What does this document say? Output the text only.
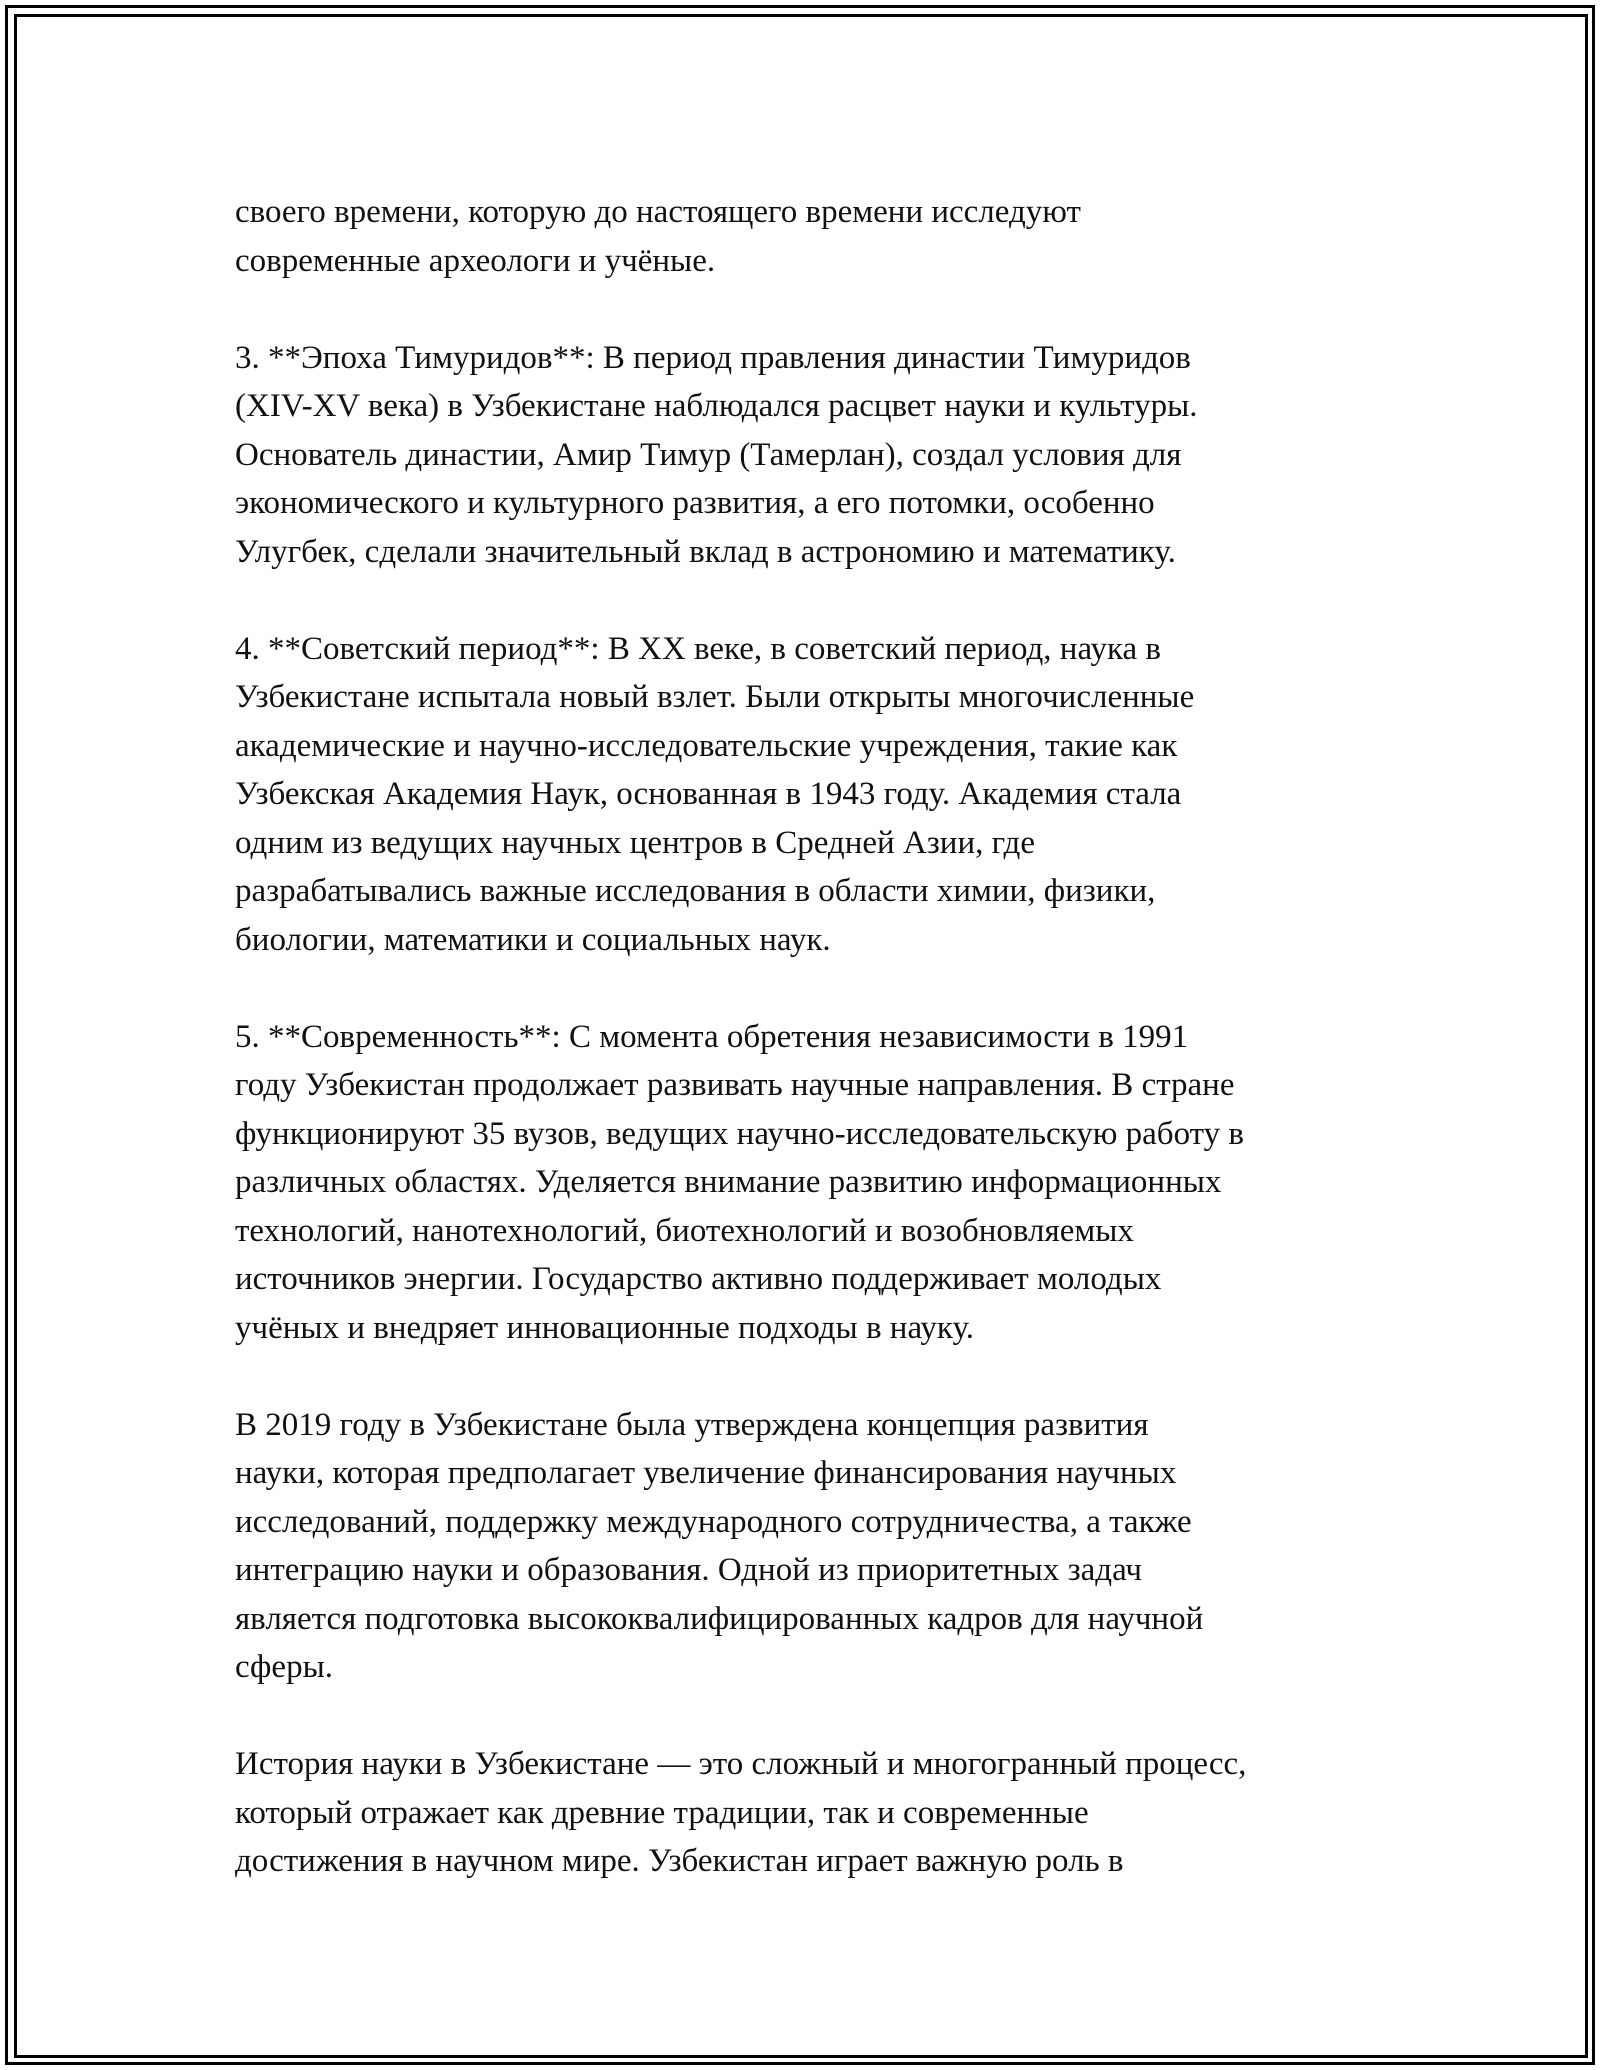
своего времени, которую до настоящего времени исследуют
современные археологи и учёные.
3. **Эпоха Тимуридов**: В период правления династии Тимуридов
(XIV-XV века) в Узбекистане наблюдался расцвет науки и культуры.
Основатель династии, Амир Тимур (Тамерлан), создал условия для
экономического и культурного развития, а его потомки, особенно
Улугбек, сделали значительный вклад в астрономию и математику.
4. **Советский период**: В XX веке, в советский период, наука в
Узбекистане испытала новый взлет. Были открыты многочисленные
академические и научно-исследовательские учреждения, такие как
Узбекская Академия Наук, основанная в 1943 году. Академия стала
одним из ведущих научных центров в Средней Азии, где
разрабатывались важные исследования в области химии, физики,
биологии, математики и социальных наук.
5. **Современность**: С момента обретения независимости в 1991
году Узбекистан продолжает развивать научные направления. В стране
функционируют 35 вузов, ведущих научно-исследовательскую работу в
различных областях. Уделяется внимание развитию информационных
технологий, нанотехнологий, биотехнологий и возобновляемых
источников энергии. Государство активно поддерживает молодых
учёных и внедряет инновационные подходы в науку.
В 2019 году в Узбекистане была утверждена концепция развития
науки, которая предполагает увеличение финансирования научных
исследований, поддержку международного сотрудничества, а также
интеграцию науки и образования. Одной из приоритетных задач
является подготовка высококвалифицированных кадров для научной
сферы.
История науки в Узбекистане — это сложный и многогранный процесс,
который отражает как древние традиции, так и современные
достижения в научном мире. Узбекистан играет важную роль в
